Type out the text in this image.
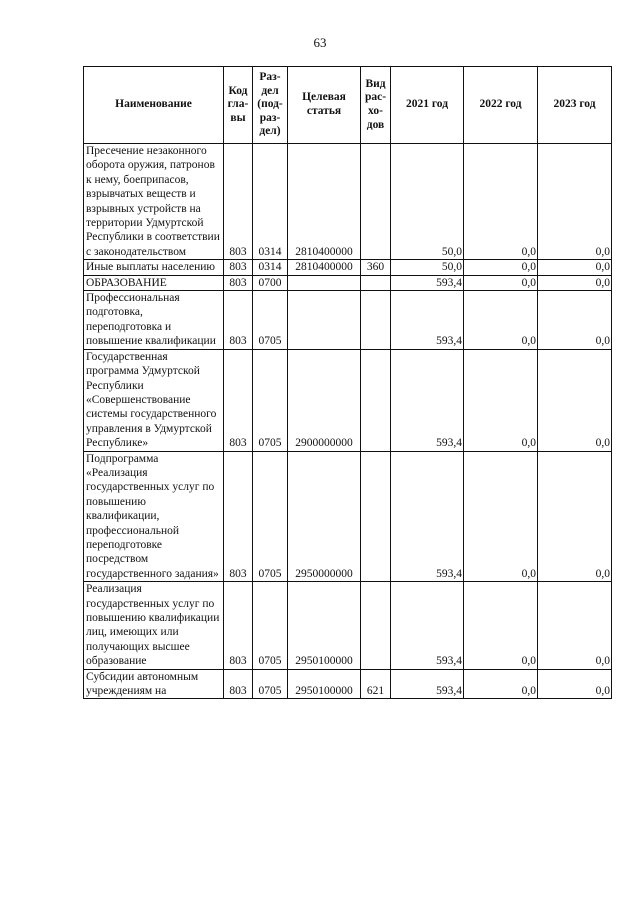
63
Наименование	Код гла- вы	Раз- дел (под- раз- дел)	Целевая статья	Вид рас- хо- дов	2021 год	2022 год	2023 год
Пресечение незаконного оборота оружия, патронов к нему, боеприпасов, взрывчатых веществ и взрывных устройств на территории Удмуртской Республики в соответствии с законодательством	803	0314	2810400000		50,0	0,0	0,0
Иные выплаты населению	803	0314	2810400000	360	50,0	0,0	0,0
ОБРАЗОВАНИЕ	803	0700			593,4	0,0	0,0
Профессиональная подготовка, переподготовка и повышение квалификации	803	0705			593,4	0,0	0,0
Государственная программа Удмуртской Республики «Совершенствование системы государственного управления в Удмуртской Республике»	803	0705	2900000000		593,4	0,0	0,0
Подпрограмма «Реализация государственных услуг по повышению квалификации, профессиональной переподготовке посредством государственного задания»	803	0705	2950000000		593,4	0,0	0,0
Реализация государственных услуг по повышению квалификации лиц, имеющих или получающих высшее образование	803	0705	2950100000		593,4	0,0	0,0
Субсидии автономным учреждениям на	803	0705	2950100000	621	593,4	0,0	0,0
